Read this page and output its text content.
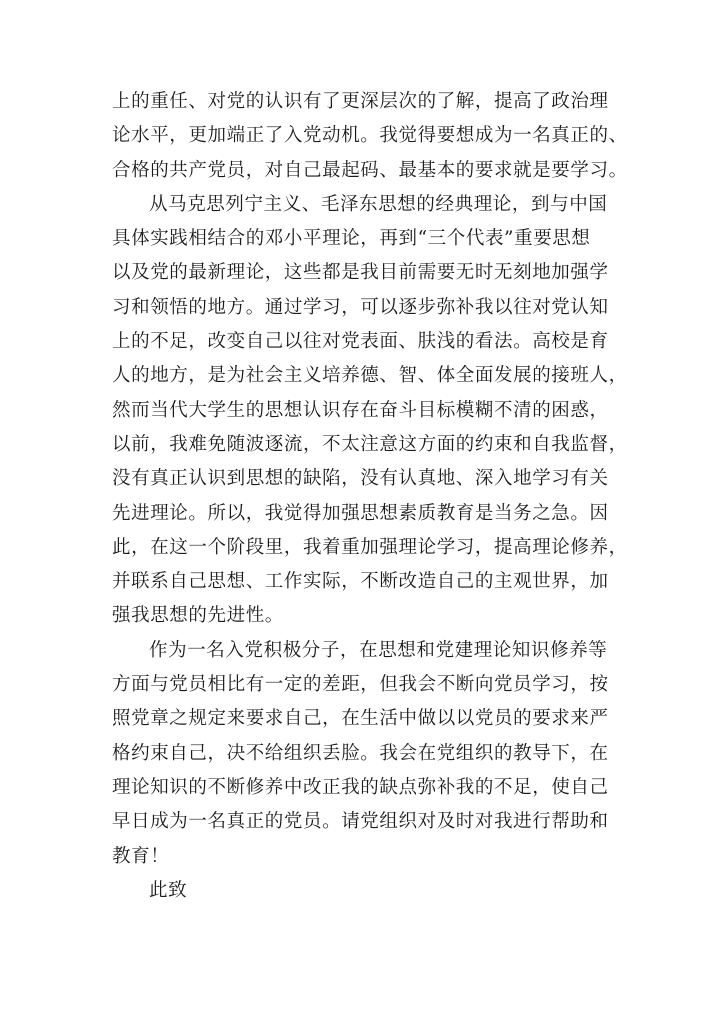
上的重任、对党的认识有了更深层次的了解，提高了政治理
论水平，更加端正了入党动机。我觉得要想成为一名真正的、
合格的共产党员，对自己最起码、最基本的要求就是要学习。
从马克思列宁主义、毛泽东思想的经典理论，到与中国
具体实践相结合的邓小平理论，再到“三个代表”重要思想
以及党的最新理论，这些都是我目前需要无时无刻地加强学
习和领悟的地方。通过学习，可以逐步弥补我以往对党认知
上的不足，改变自己以往对党表面、肤浅的看法。高校是育
人的地方，是为社会主义培养德、智、体全面发展的接班人，
然而当代大学生的思想认识存在奋斗目标模糊不清的困惑，
以前，我难免随波逐流，不太注意这方面的约束和自我监督，
没有真正认识到思想的缺陷，没有认真地、深入地学习有关
先进理论。所以，我觉得加强思想素质教育是当务之急。因
此，在这一个阶段里，我着重加强理论学习，提高理论修养，
并联系自己思想、工作实际，不断改造自己的主观世界，加
强我思想的先进性。
作为一名入党积极分子，在思想和党建理论知识修养等
方面与党员相比有一定的差距，但我会不断向党员学习，按
照党章之规定来要求自己，在生活中做以以党员的要求来严
格约束自己，决不给组织丢脸。我会在党组织的教导下，在
理论知识的不断修养中改正我的缺点弥补我的不足，使自己
早日成为一名真正的党员。请党组织对及时对我进行帮助和
教育！
此致
